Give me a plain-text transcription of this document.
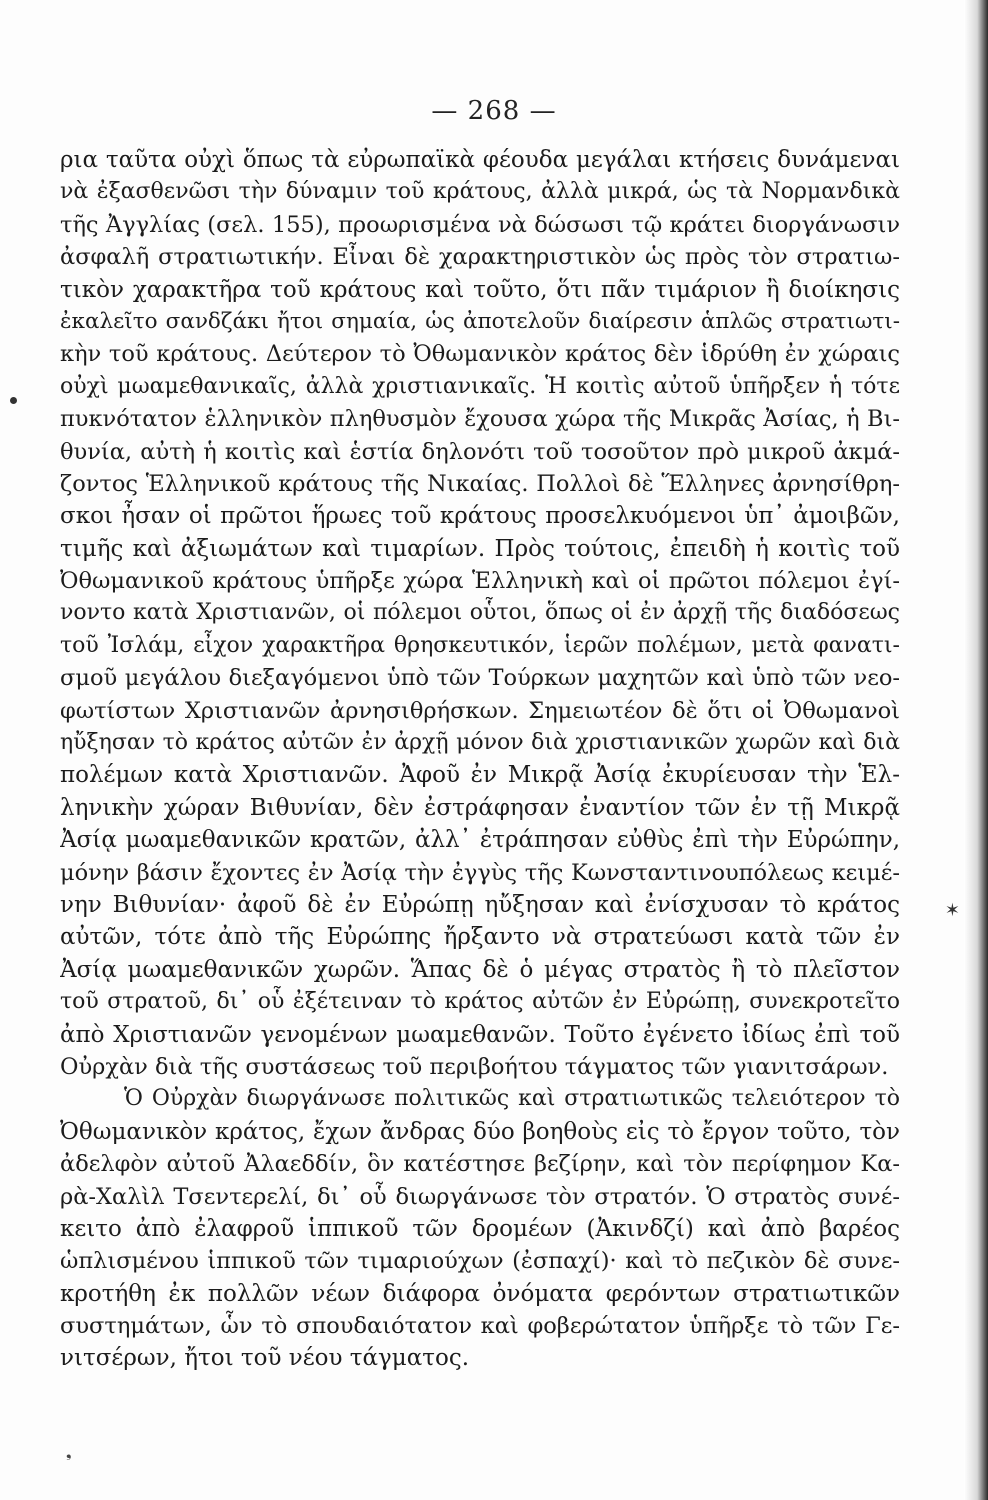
— 268 —
✶
❟
ρια ταῦτα οὐχὶ ὅπως τὰ εὐρωπαϊκὰ φέουδα μεγάλαι κτήσεις δυνάμεναι
νὰ ἐξασθενῶσι τὴν δύναμιν τοῦ κράτους, ἀλλὰ μικρά, ὡς τὰ Νορμανδικὰ
τῆς Ἀγγλίας (σελ. 155), προωρισμένα νὰ δώσωσι τῷ κράτει διοργάνωσιν
ἀσφαλῆ στρατιωτικήν. Εἶναι δὲ χαρακτηριστικὸν ὡς πρὸς τὸν στρατιω-
τικὸν χαρακτῆρα τοῦ κράτους καὶ τοῦτο, ὅτι πᾶν τιμάριον ἢ διοίκησις
ἐκαλεῖτο σανδζάκι ἤτοι σημαία, ὡς ἀποτελοῦν διαίρεσιν ἁπλῶς στρατιωτι-
κὴν τοῦ κράτους. Δεύτερον τὸ Ὀθωμανικὸν κράτος δὲν ἱδρύθη ἐν χώραις
οὐχὶ μωαμεθανικαῖς, ἀλλὰ χριστιανικαῖς. Ἡ κοιτὶς αὐτοῦ ὑπῆρξεν ἡ τότε
πυκνότατον ἑλληνικὸν πληθυσμὸν ἔχουσα χώρα τῆς Μικρᾶς Ἀσίας, ἡ Βι-
θυνία, αὐτὴ ἡ κοιτὶς καὶ ἑστία δηλονότι τοῦ τοσοῦτον πρὸ μικροῦ ἀκμά-
ζοντος Ἑλληνικοῦ κράτους τῆς Νικαίας. Πολλοὶ δὲ Ἕλληνες ἀρνησίθρη-
σκοι ἦσαν οἱ πρῶτοι ἥρωες τοῦ κράτους προσελκυόμενοι ὑπ᾽ ἀμοιβῶν,
τιμῆς καὶ ἀξιωμάτων καὶ τιμαρίων. Πρὸς τούτοις, ἐπειδὴ ἡ κοιτὶς τοῦ
Ὀθωμανικοῦ κράτους ὑπῆρξε χώρα Ἑλληνικὴ καὶ οἱ πρῶτοι πόλεμοι ἐγί-
νοντο κατὰ Χριστιανῶν, οἱ πόλεμοι οὗτοι, ὅπως οἱ ἐν ἀρχῇ τῆς διαδόσεως
τοῦ Ἰσλάμ, εἶχον χαρακτῆρα θρησκευτικόν, ἱερῶν πολέμων, μετὰ φανατι-
σμοῦ μεγάλου διεξαγόμενοι ὑπὸ τῶν Τούρκων μαχητῶν καὶ ὑπὸ τῶν νεο-
φωτίστων Χριστιανῶν ἀρνησιθρήσκων. Σημειωτέον δὲ ὅτι οἱ Ὀθωμανοὶ
ηὔξησαν τὸ κράτος αὐτῶν ἐν ἀρχῇ μόνον διὰ χριστιανικῶν χωρῶν καὶ διὰ
πολέμων κατὰ Χριστιανῶν. Ἀφοῦ ἐν Μικρᾷ Ἀσίᾳ ἐκυρίευσαν τὴν Ἑλ-
ληνικὴν χώραν Βιθυνίαν, δὲν ἐστράφησαν ἐναντίον τῶν ἐν τῇ Μικρᾷ
Ἀσίᾳ μωαμεθανικῶν κρατῶν, ἀλλ᾽ ἐτράπησαν εὐθὺς ἐπὶ τὴν Εὐρώπην,
μόνην βάσιν ἔχοντες ἐν Ἀσίᾳ τὴν ἐγγὺς τῆς Κωνσταντινουπόλεως κειμέ-
νην Βιθυνίαν· ἀφοῦ δὲ ἐν Εὐρώπῃ ηὔξησαν καὶ ἐνίσχυσαν τὸ κράτος
αὐτῶν, τότε ἀπὸ τῆς Εὐρώπης ἤρξαντο νὰ στρατεύωσι κατὰ τῶν ἐν
Ἀσίᾳ μωαμεθανικῶν χωρῶν. Ἅπας δὲ ὁ μέγας στρατὸς ἢ τὸ πλεῖστον
τοῦ στρατοῦ, δι᾽ οὗ ἐξέτειναν τὸ κράτος αὐτῶν ἐν Εὐρώπῃ, συνεκροτεῖτο
ἀπὸ Χριστιανῶν γενομένων μωαμεθανῶν. Τοῦτο ἐγένετο ἰδίως ἐπὶ τοῦ
Οὐρχὰν διὰ τῆς συστάσεως τοῦ περιβοήτου τάγματος τῶν γιανιτσάρων.
Ὁ Οὐρχὰν διωργάνωσε πολιτικῶς καὶ στρατιωτικῶς τελειότερον τὸ
Ὀθωμανικὸν κράτος, ἔχων ἄνδρας δύο βοηθοὺς εἰς τὸ ἔργον τοῦτο, τὸν
ἀδελφὸν αὐτοῦ Ἀλαεδδίν, ὃν κατέστησε βεζίρην, καὶ τὸν περίφημον Κα-
ρὰ-Χαλὶλ Τσεντερελί, δι᾽ οὗ διωργάνωσε τὸν στρατόν. Ὁ στρατὸς συνέ-
κειτο ἀπὸ ἐλαφροῦ ἱππικοῦ τῶν δρομέων (Ἀκινδζί) καὶ ἀπὸ βαρέος
ὡπλισμένου ἱππικοῦ τῶν τιμαριούχων (ἐσπαχί)· καὶ τὸ πεζικὸν δὲ συνε-
κροτήθη ἐκ πολλῶν νέων διάφορα ὀνόματα φερόντων στρατιωτικῶν
συστημάτων, ὧν τὸ σπουδαιότατον καὶ φοβερώτατον ὑπῆρξε τὸ τῶν Γε-
νιτσέρων, ἤτοι τοῦ νέου τάγματος.
